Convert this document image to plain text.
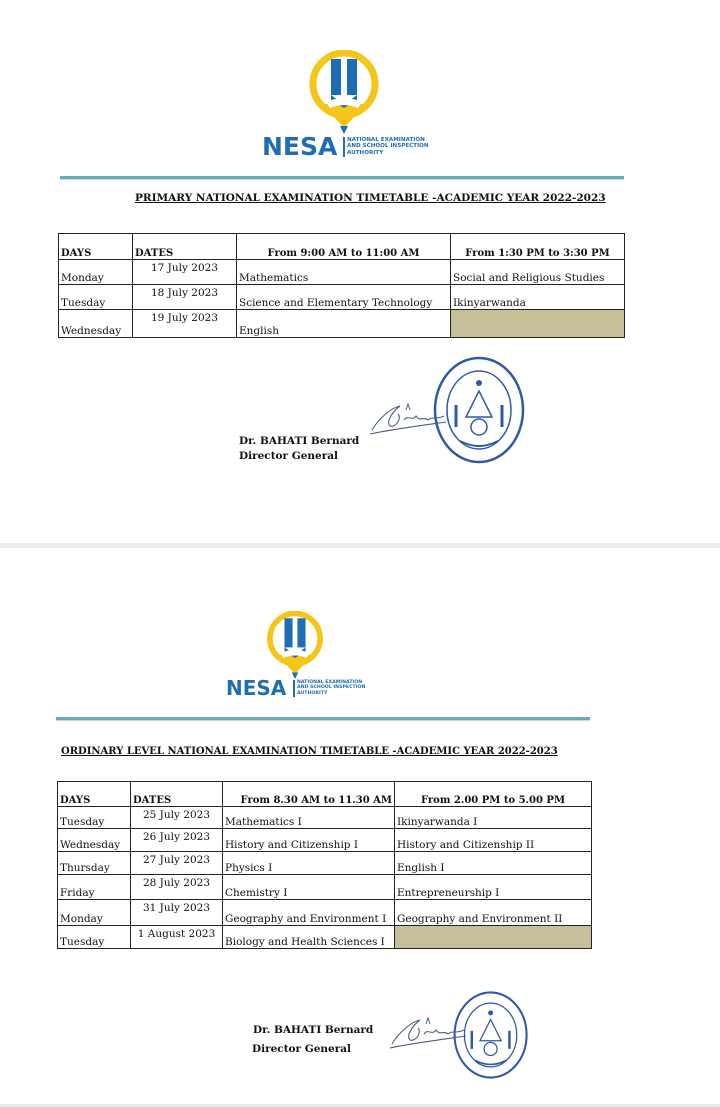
NESA NATIONAL EXAMINATION
AND SCHOOL INSPECTION
AUTHORITY
PRIMARY NATIONAL EXAMINATION TIMETABLE -ACADEMIC YEAR 2022-2023
DAYS	DATES	From 9:00 AM to 11:00 AM	From 1:30 PM to 3:30 PM
Monday	17 July 2023	Mathematics	Social and Religious Studies
Tuesday	18 July 2023	Science and Elementary Technology	Ikinyarwanda
Wednesday	19 July 2023	English	
Dr. BAHATI Bernard
Director General
NESA NATIONAL EXAMINATION
AND SCHOOL INSPECTION
AUTHORITY
ORDINARY LEVEL NATIONAL EXAMINATION TIMETABLE -ACADEMIC YEAR 2022-2023
DAYS	DATES	From 8.30 AM to 11.30 AM	From 2.00 PM to 5.00 PM
Tuesday	25 July 2023	Mathematics I	Ikinyarwanda I
Wednesday	26 July 2023	History and Citizenship I	History and Citizenship II
Thursday	27 July 2023	Physics I	English I
Friday	28 July 2023	Chemistry I	Entrepreneurship I
Monday	31 July 2023	Geography and Environment I	Geography and Environment II
Tuesday	1 August 2023	Biology and Health Sciences I	
Dr. BAHATI Bernard
Director General
